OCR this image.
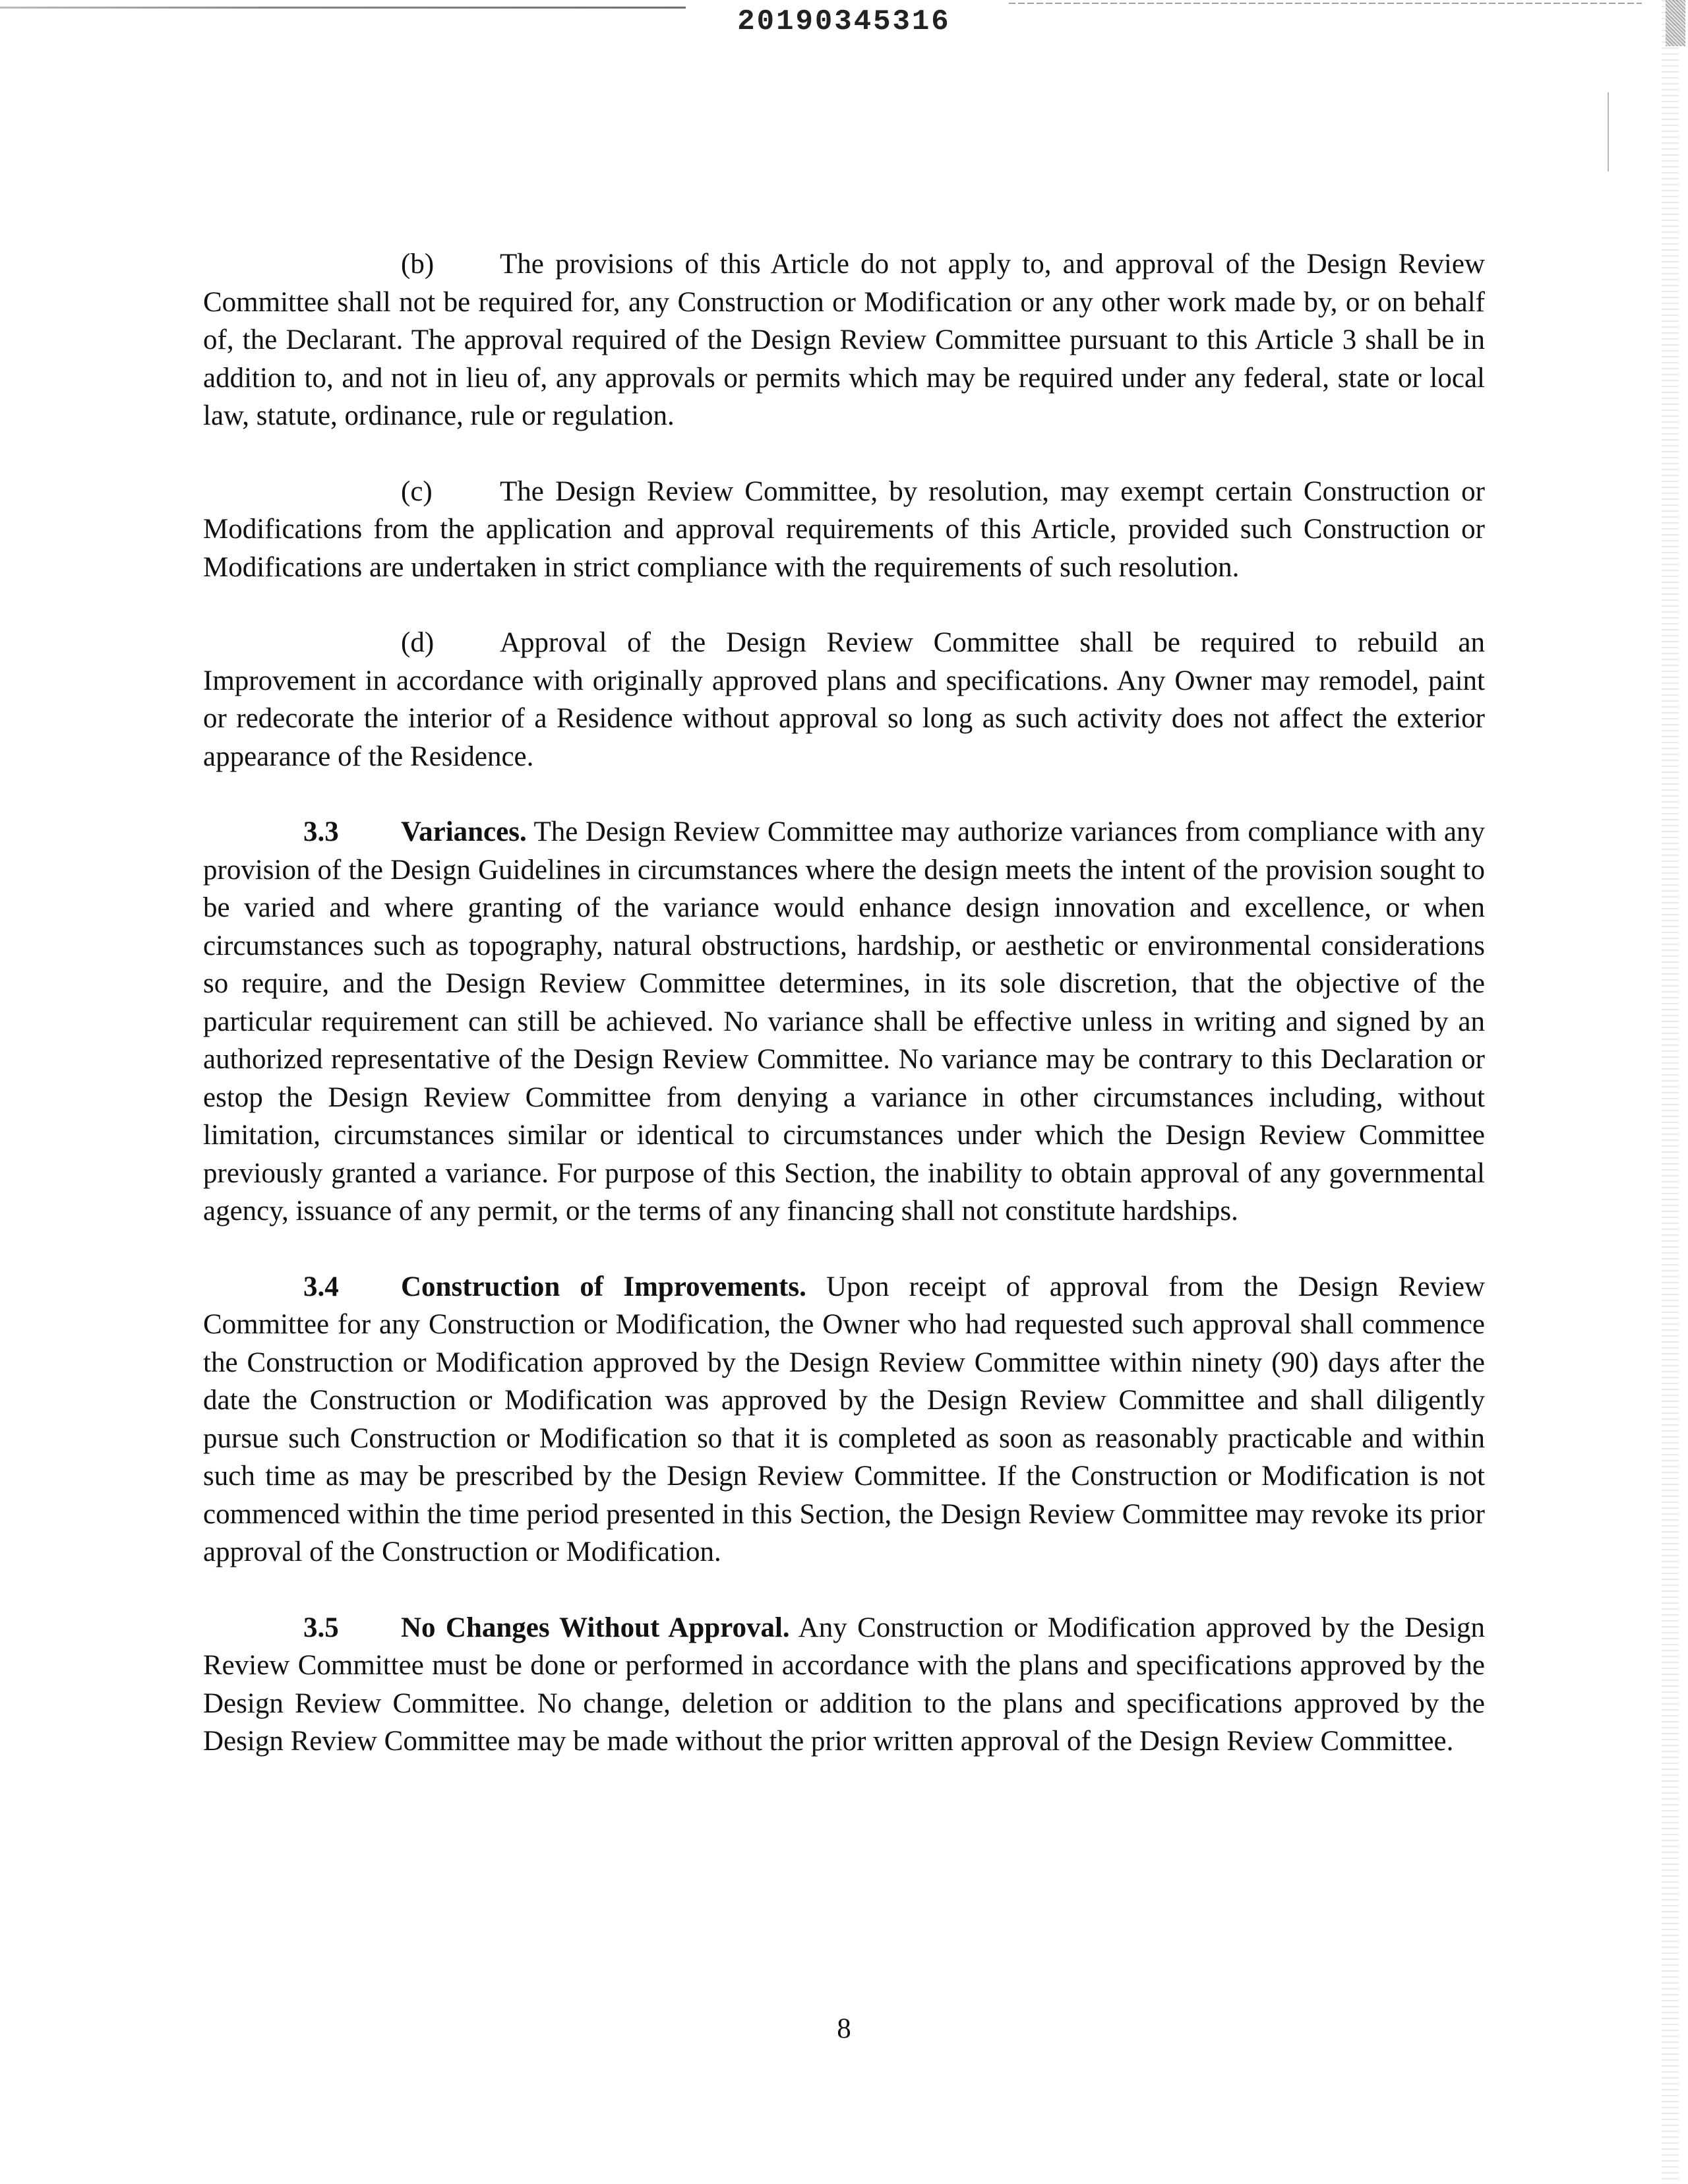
20190345316

(b) The provisions of this Article do not apply to, and approval of the Design Review Committee shall not be required for, any Construction or Modification or any other work made by, or on behalf of, the Declarant. The approval required of the Design Review Committee pursuant to this Article 3 shall be in addition to, and not in lieu of, any approvals or permits which may be required under any federal, state or local law, statute, ordinance, rule or regulation.

(c) The Design Review Committee, by resolution, may exempt certain Construction or Modifications from the application and approval requirements of this Article, provided such Construction or Modifications are undertaken in strict compliance with the requirements of such resolution.

(d) Approval of the Design Review Committee shall be required to rebuild an Improvement in accordance with originally approved plans and specifications. Any Owner may remodel, paint or redecorate the interior of a Residence without approval so long as such activity does not affect the exterior appearance of the Residence.

3.3 Variances. The Design Review Committee may authorize variances from compliance with any provision of the Design Guidelines in circumstances where the design meets the intent of the provision sought to be varied and where granting of the variance would enhance design innovation and excellence, or when circumstances such as topography, natural obstructions, hardship, or aesthetic or environmental considerations so require, and the Design Review Committee determines, in its sole discretion, that the objective of the particular requirement can still be achieved. No variance shall be effective unless in writing and signed by an authorized representative of the Design Review Committee. No variance may be contrary to this Declaration or estop the Design Review Committee from denying a variance in other circumstances including, without limitation, circumstances similar or identical to circumstances under which the Design Review Committee previously granted a variance. For purpose of this Section, the inability to obtain approval of any governmental agency, issuance of any permit, or the terms of any financing shall not constitute hardships.

3.4 Construction of Improvements. Upon receipt of approval from the Design Review Committee for any Construction or Modification, the Owner who had requested such approval shall commence the Construction or Modification approved by the Design Review Committee within ninety (90) days after the date the Construction or Modification was approved by the Design Review Committee and shall diligently pursue such Construction or Modification so that it is completed as soon as reasonably practicable and within such time as may be prescribed by the Design Review Committee. If the Construction or Modification is not commenced within the time period presented in this Section, the Design Review Committee may revoke its prior approval of the Construction or Modification.

3.5 No Changes Without Approval. Any Construction or Modification approved by the Design Review Committee must be done or performed in accordance with the plans and specifications approved by the Design Review Committee. No change, deletion or addition to the plans and specifications approved by the Design Review Committee may be made without the prior written approval of the Design Review Committee.

8
